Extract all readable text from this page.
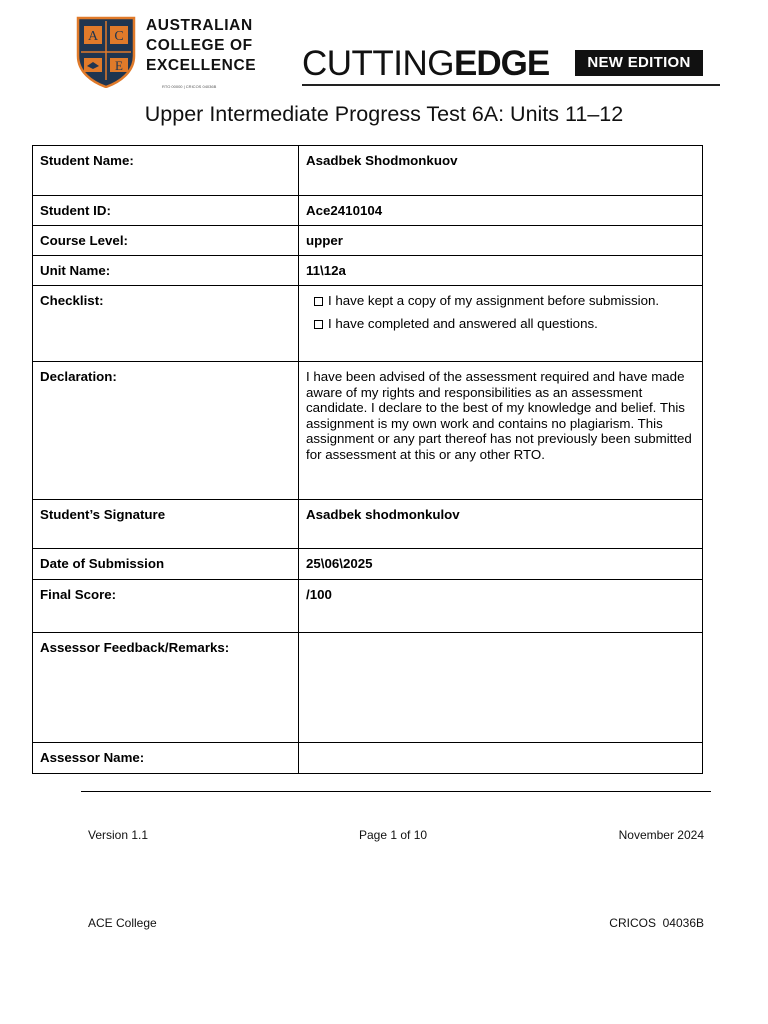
A C
E
AUSTRALIAN
COLLEGE OF
EXCELLENCE
RTO 00000 | CRICOS 04036B
CUTTINGEDGE	NEW EDITION
Upper Intermediate Progress Test 6A: Units 11–12
Student Name:	Asadbek Shodmonkuov
Student ID:	Ace2410104
Course Level:	upper
Unit Name:	11\12a
Checklist:	I have kept a copy of my assignment before submission.
I have completed and answered all questions.

Declaration:	I have been advised of the assessment required and have made aware of my rights and responsibilities as an assessment candidate. I declare to the best of my knowledge and belief. This assignment is my own work and contains no plagiarism. This assignment or any part thereof has not previously been submitted for assessment at this or any other RTO.
Student’s Signature	Asadbek shodmonkulov
Date of Submission	25\06\2025
Final Score:	/100
Assessor Feedback/Remarks:	
Assessor Name:	
Version 1.1	Page 1 of 10	November 2024
ACE College	CRICOS  04036B
